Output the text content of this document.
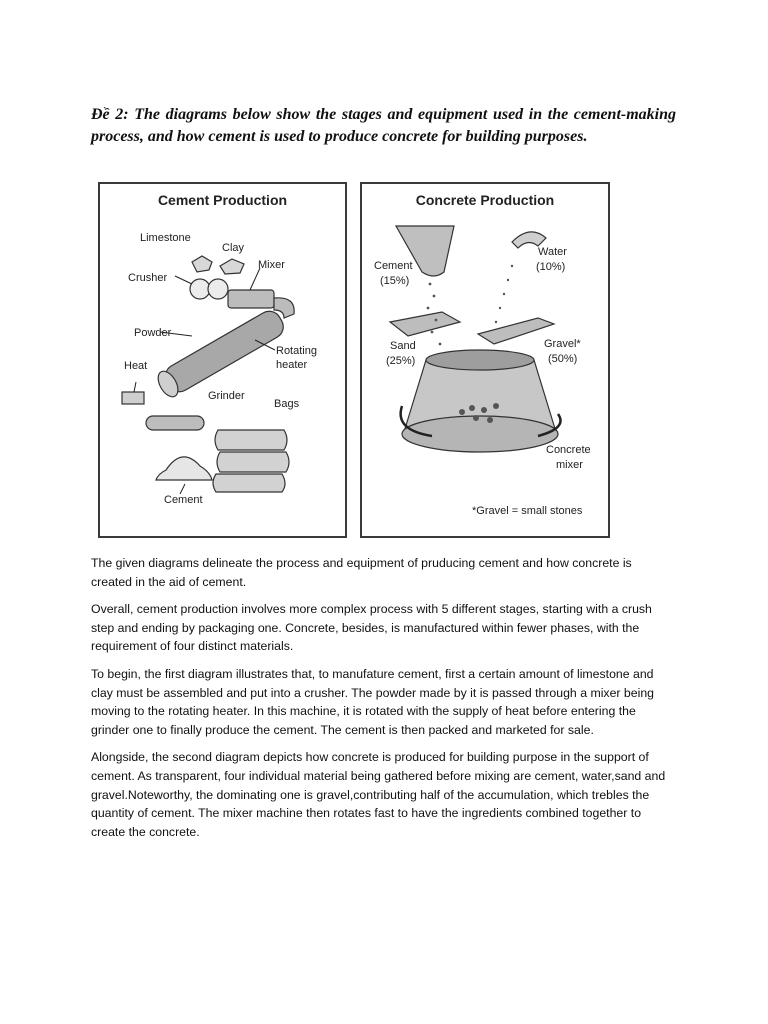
Đề 2: The diagrams below show the stages and equipment used in the cement-making process, and how cement is used to produce concrete for building purposes.

Cement Production
Limestone
Clay
Crusher
Mixer
Powder
Rotating
heater
Heat
Grinder
Bags
Cement
Concrete Production
Cement
(15%)
Water
(10%)
Sand
(25%)
Gravel*
(50%)
Concrete
mixer
*Gravel = small stones

The given diagrams delineate the process and equipment of pruducing cement and how concrete is created in the aid of cement.

Overall, cement production involves more complex process with 5 different stages, starting with a crush step and ending by packaging one. Concrete, besides, is manufactured within fewer phases, with the requirement of four distinct materials.

To begin, the first diagram illustrates that, to manufature cement, first a certain amount of limestone and clay must be assembled and put into a crusher. The powder made by it is passed through a mixer being moving to the rotating heater. In this machine, it is rotated with the supply of heat before entering the grinder one to finally produce the cement. The cement is then packed and marketed for sale.

Alongside, the second diagram depicts how concrete is produced for building purpose in the support of cement. As transparent, four individual material being gathered before mixing are cement, water,sand and gravel.Noteworthy, the dominating one is gravel,contributing half of the accumulation, which trebles the quantity of cement. The mixer machine then rotates fast to have the ingredients combined together to create the concrete.
